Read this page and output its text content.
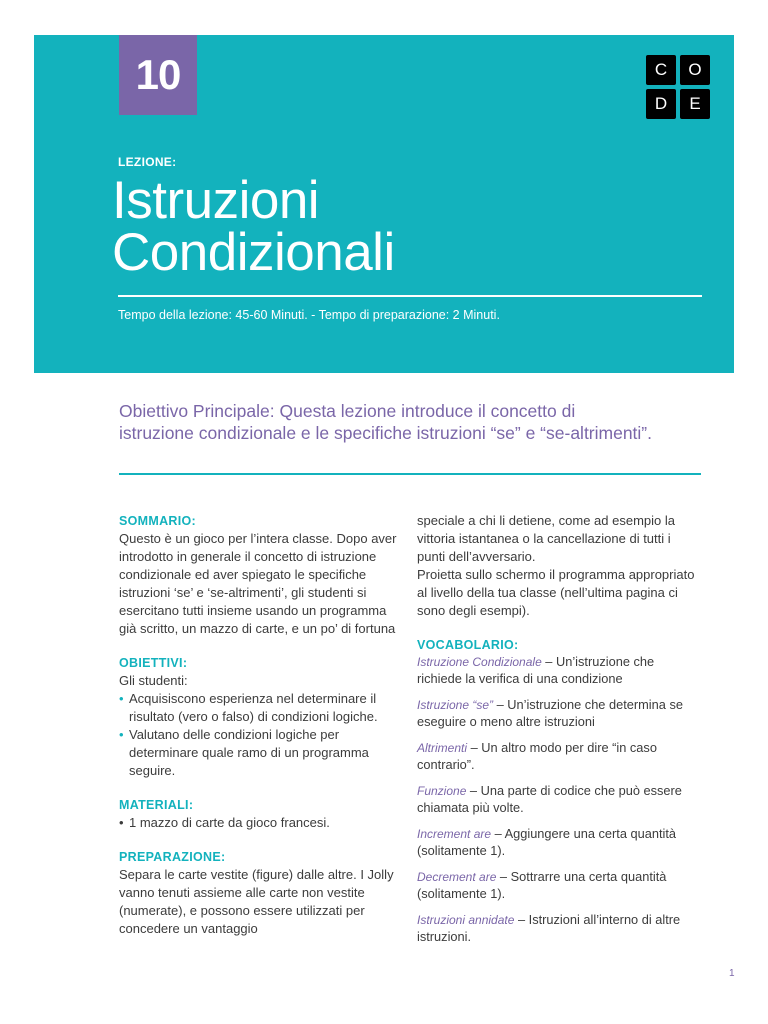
10	C	O
D	E
LEZIONE:
Istruzioni
Condizionali
Tempo della lezione: 45-60 Minuti. - Tempo di preparazione: 2 Minuti.
Obiettivo Principale: Questa lezione introduce il concetto di
istruzione condizionale e le specifiche istruzioni “se” e “se-altrimenti”.

SOMMARIO:

Questo è un gioco per l’intera classe. Dopo aver introdotto in generale il concetto di istruzione condizionale ed aver spiegato le specifiche istruzioni ‘se’ e ‘se-altrimenti’, gli studenti si esercitano tutti insieme usando un programma già scritto, un mazzo di carte, e un po’ di fortuna

OBIETTIVI:

Gli studenti:

• Acquisiscono esperienza nel determinare il risultato (vero o falso) di condizioni logiche.
• Valutano delle condizioni logiche per determinare quale ramo di un programma seguire.

MATERIALI:

• 1 mazzo di carte da gioco francesi.

PREPARAZIONE:

Separa le carte vestite (figure) dalle altre. I Jolly vanno tenuti assieme alle carte non vestite (numerate), e possono essere utilizzati per concedere un vantaggio

speciale a chi li detiene, come ad esempio la vittoria istantanea o la cancellazione di tutti i punti dell’avversario.

Proietta sullo schermo il programma appropriato al livello della tua classe (nell’ultima pagina ci sono degli esempi).

VOCABOLARIO:

Istruzione Condizionale – Un’istruzione che richiede la verifica di una condizione

Istruzione “se” – Un’istruzione che determina se eseguire o meno altre istruzioni

Altrimenti – Un altro modo per dire “in caso contrario”.

Funzione – Una parte di codice che può essere chiamata più volte.

Increment are – Aggiungere una certa quantità (solitamente 1).

Decrement are – Sottrarre una certa quantità (solitamente 1).

Istruzioni annidate – Istruzioni all’interno di altre istruzioni.

1
